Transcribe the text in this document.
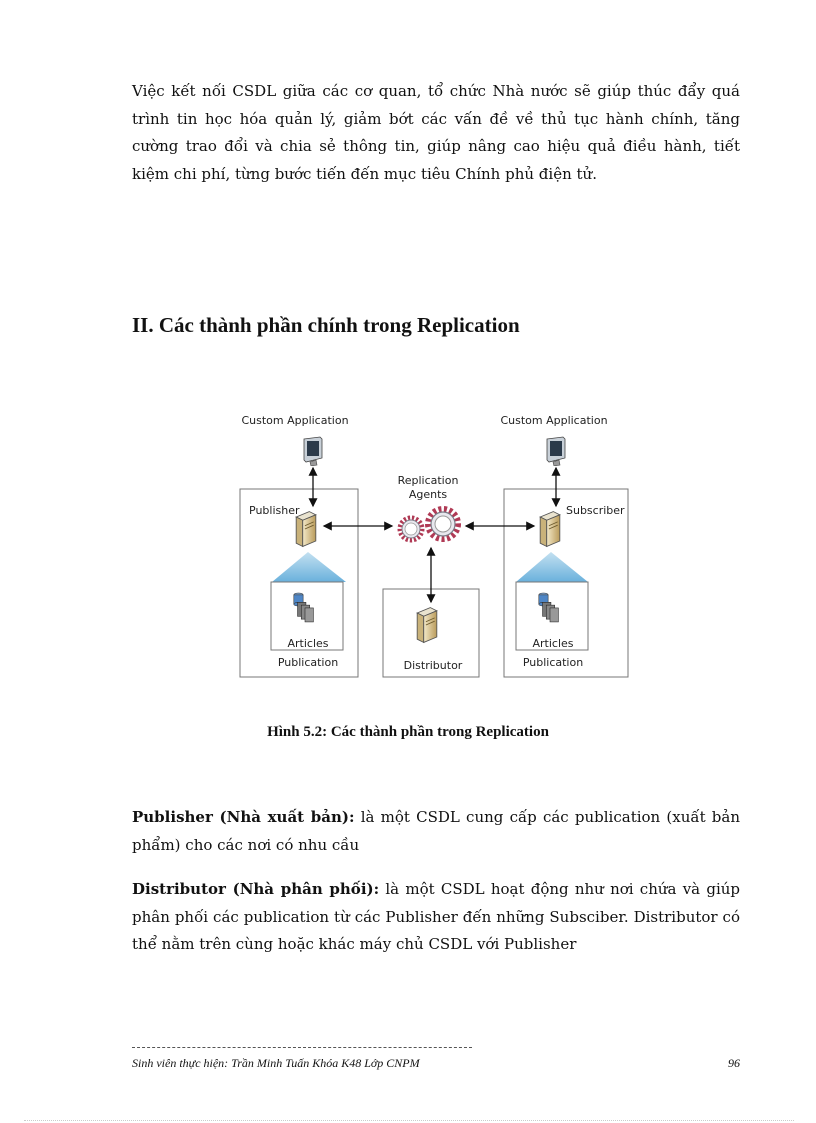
Việc kết nối CSDL giữa các cơ quan, tổ chức Nhà nước sẽ giúp thúc đẩy quá trình tin học hóa quản lý, giảm bớt các vấn đề về thủ tục hành chính, tăng cường trao đổi và chia sẻ thông tin, giúp nâng cao hiệu quả điều hành, tiết kiệm chi phí, từng bước tiến đến mục tiêu Chính phủ điện tử.

II. Các thành phần chính trong Replication
Custom Application	Custom Application
Publisher
Articles
Publication
Subscriber
Articles
Publication
Replication
Agents
Distributor

Hình 5.2: Các thành phần trong Replication

Publisher (Nhà xuất bản): là một CSDL cung cấp các publication (xuất bản phẩm) cho các nơi có nhu cầu

Distributor (Nhà phân phối): là một CSDL hoạt động như nơi chứa và giúp phân phối các publication từ các Publisher đến những Subsciber. Distributor có thể nằm trên cùng hoặc khác máy chủ CSDL với Publisher

Sinh viên thực hiện: Trần Minh Tuấn Khóa K48 Lớp CNPM	96
